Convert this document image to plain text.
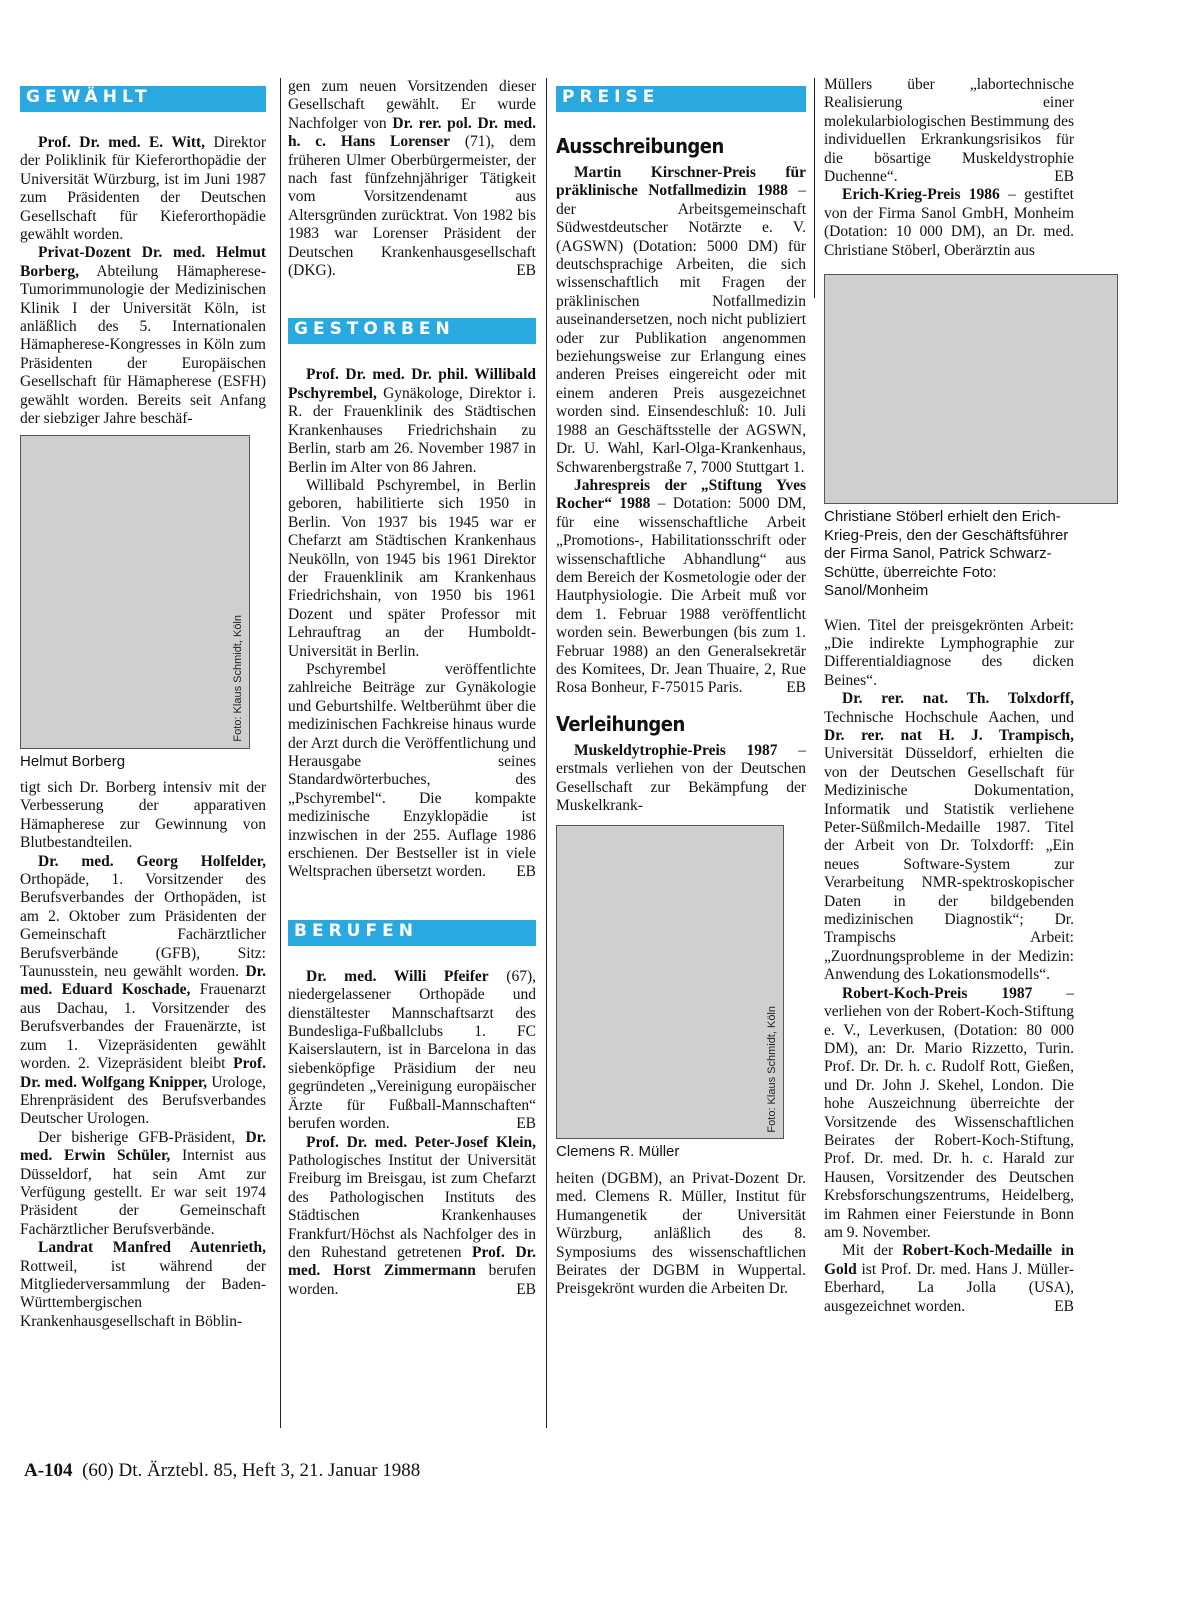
GEWÄHLT

Prof. Dr. med. E. Witt, Direktor der Poliklinik für Kieferorthopädie der Universität Würzburg, ist im Juni 1987 zum Präsidenten der Deutschen Gesellschaft für Kieferorthopädie gewählt worden.

Privat-Dozent Dr. med. Helmut Borberg, Abteilung Hämapherese-Tumorimmunologie der Medizinischen Klinik I der Universität Köln, ist anläßlich des 5. Internationalen Hämapherese-Kongresses in Köln zum Präsidenten der Europäischen Gesellschaft für Hämapherese (ESFH) gewählt worden. Bereits seit Anfang der siebziger Jahre beschäf-

Foto: Klaus Schmidt, Köln
Helmut Borberg

tigt sich Dr. Borberg intensiv mit der Verbesserung der apparativen Hämapherese zur Gewinnung von Blutbestandteilen.

Dr. med. Georg Holfelder, Orthopäde, 1. Vorsitzender des Berufsverbandes der Orthopäden, ist am 2. Oktober zum Präsidenten der Gemeinschaft Fachärztlicher Berufsverbände (GFB), Sitz: Taunusstein, neu gewählt worden. Dr. med. Eduard Koschade, Frauenarzt aus Dachau, 1. Vorsitzender des Berufsverbandes der Frauenärzte, ist zum 1. Vizepräsidenten gewählt worden. 2. Vizepräsident bleibt Prof. Dr. med. Wolfgang Knipper, Urologe, Ehrenpräsident des Berufsverbandes Deutscher Urologen.

Der bisherige GFB-Präsident, Dr. med. Erwin Schüler, Internist aus Düsseldorf, hat sein Amt zur Verfügung gestellt. Er war seit 1974 Präsident der Gemeinschaft Fachärztlicher Berufsverbände.

Landrat Manfred Autenrieth, Rottweil, ist während der Mitgliederversammlung der Baden-Württembergischen Krankenhausgesellschaft in Böblin-

gen zum neuen Vorsitzenden dieser Gesellschaft gewählt. Er wurde Nachfolger von Dr. rer. pol. Dr. med. h. c. Hans Lorenser (71), dem früheren Ulmer Oberbürgermeister, der nach fast fünfzehnjähriger Tätigkeit vom Vorsitzendenamt aus Altersgründen zurücktrat. Von 1982 bis 1983 war Lorenser Präsident der Deutschen Krankenhausgesellschaft (DKG).	EB

GESTORBEN

Prof. Dr. med. Dr. phil. Willibald Pschyrembel, Gynäkologe, Direktor i. R. der Frauenklinik des Städtischen Krankenhauses Friedrichshain zu Berlin, starb am 26. November 1987 in Berlin im Alter von 86 Jahren.

Willibald Pschyrembel, in Berlin geboren, habilitierte sich 1950 in Berlin. Von 1937 bis 1945 war er Chefarzt am Städtischen Krankenhaus Neukölln, von 1945 bis 1961 Direktor der Frauenklinik am Krankenhaus Friedrichshain, von 1950 bis 1961 Dozent und später Professor mit Lehrauftrag an der Humboldt-Universität in Berlin.

Pschyrembel veröffentlichte zahlreiche Beiträge zur Gynäkologie und Geburtshilfe. Weltberühmt über die medizinischen Fachkreise hinaus wurde der Arzt durch die Veröffentlichung und Herausgabe seines Standardwörterbuches, des „Pschyrembel“. Die kompakte medizinische Enzyklopädie ist inzwischen in der 255. Auflage 1986 erschienen. Der Bestseller ist in viele Weltsprachen übersetzt worden.	EB

BERUFEN

Dr. med. Willi Pfeifer (67), niedergelassener Orthopäde und dienstältester Mannschaftsarzt des Bundesliga-Fußballclubs 1. FC Kaiserslautern, ist in Barcelona in das siebenköpfige Präsidium der neu gegründeten „Vereinigung europäischer Ärzte für Fußball-Mannschaften“ berufen worden.	EB

Prof. Dr. med. Peter-Josef Klein, Pathologisches Institut der Universität Freiburg im Breisgau, ist zum Chefarzt des Pathologischen Instituts des Städtischen Krankenhauses Frankfurt/Höchst als Nachfolger des in den Ruhestand getretenen Prof. Dr. med. Horst Zimmermann berufen worden.	EB

PREISE
Ausschreibungen

Martin Kirschner-Preis für präklinische Notfallmedizin 1988 – der Arbeitsgemeinschaft Südwestdeutscher Notärzte e. V. (AGSWN) (Dotation: 5000 DM) für deutschsprachige Arbeiten, die sich wissenschaftlich mit Fragen der präklinischen Notfallmedizin auseinandersetzen, noch nicht publiziert oder zur Publikation angenommen beziehungsweise zur Erlangung eines anderen Preises eingereicht oder mit einem anderen Preis ausgezeichnet worden sind. Einsendeschluß: 10. Juli 1988 an Geschäftsstelle der AGSWN, Dr. U. Wahl, Karl-Olga-Krankenhaus, Schwarenbergstraße 7, 7000 Stuttgart 1.

Jahrespreis der „Stiftung Yves Rocher“ 1988 – Dotation: 5000 DM, für eine wissenschaftliche Arbeit „Promotions-, Habilitationsschrift oder wissenschaftliche Abhandlung“ aus dem Bereich der Kosmetologie oder der Hautphysiologie. Die Arbeit muß vor dem 1. Februar 1988 veröffentlicht worden sein. Bewerbungen (bis zum 1. Februar 1988) an den Generalsekretär des Komitees, Dr. Jean Thuaire, 2, Rue Rosa Bonheur, F-75015 Paris.	EB

Verleihungen

Muskeldytrophie-Preis 1987 – erstmals verliehen von der Deutschen Gesellschaft zur Bekämpfung der Muskelkrank-

Foto: Klaus Schmidt, Köln
Clemens R. Müller

heiten (DGBM), an Privat-Dozent Dr. med. Clemens R. Müller, Institut für Humangenetik der Universität Würzburg, anläßlich des 8. Symposiums des wissenschaftlichen Beirates der DGBM in Wuppertal. Preisgekrönt wurden die Arbeiten Dr.

Müllers über „labortechnische Realisierung einer molekularbiologischen Bestimmung des individuellen Erkrankungsrisikos für die bösartige Muskeldystrophie Duchenne“.	EB

Erich-Krieg-Preis 1986 – gestiftet von der Firma Sanol GmbH, Monheim (Dotation: 10 000 DM), an Dr. med. Christiane Stöberl, Oberärztin aus

Christiane Stöberl erhielt den Erich-Krieg-Preis, den der Geschäftsführer der Firma Sanol, Patrick Schwarz-Schütte, überreichte Foto: Sanol/Monheim

Wien. Titel der preisgekrönten Arbeit: „Die indirekte Lymphographie zur Differentialdiagnose des dicken Beines“.

Dr. rer. nat. Th. Tolxdorff, Technische Hochschule Aachen, und Dr. rer. nat H. J. Trampisch, Universität Düsseldorf, erhielten die von der Deutschen Gesellschaft für Medizinische Dokumentation, Informatik und Statistik verliehene Peter-Süßmilch-Medaille 1987. Titel der Arbeit von Dr. Tolxdorff: „Ein neues Software-System zur Verarbeitung NMR-spektroskopischer Daten in der bildgebenden medizinischen Diagnostik“; Dr. Trampischs Arbeit: „Zuordnungsprobleme in der Medizin: Anwendung des Lokationsmodells“.

Robert-Koch-Preis 1987 – verliehen von der Robert-Koch-Stiftung e. V., Leverkusen, (Dotation: 80 000 DM), an: Dr. Mario Rizzetto, Turin. Prof. Dr. Dr. h. c. Rudolf Rott, Gießen, und Dr. John J. Skehel, London. Die hohe Auszeichnung überreichte der Vorsitzende des Wissenschaftlichen Beirates der Robert-Koch-Stiftung, Prof. Dr. med. Dr. h. c. Harald zur Hausen, Vorsitzender des Deutschen Krebsforschungszentrums, Heidelberg, im Rahmen einer Feierstunde in Bonn am 9. November.

Mit der Robert-Koch-Medaille in Gold ist Prof. Dr. med. Hans J. Müller-Eberhard, La Jolla (USA), ausgezeichnet worden.	EB

A-104 (60) Dt. Ärztebl. 85, Heft 3, 21. Januar 1988
